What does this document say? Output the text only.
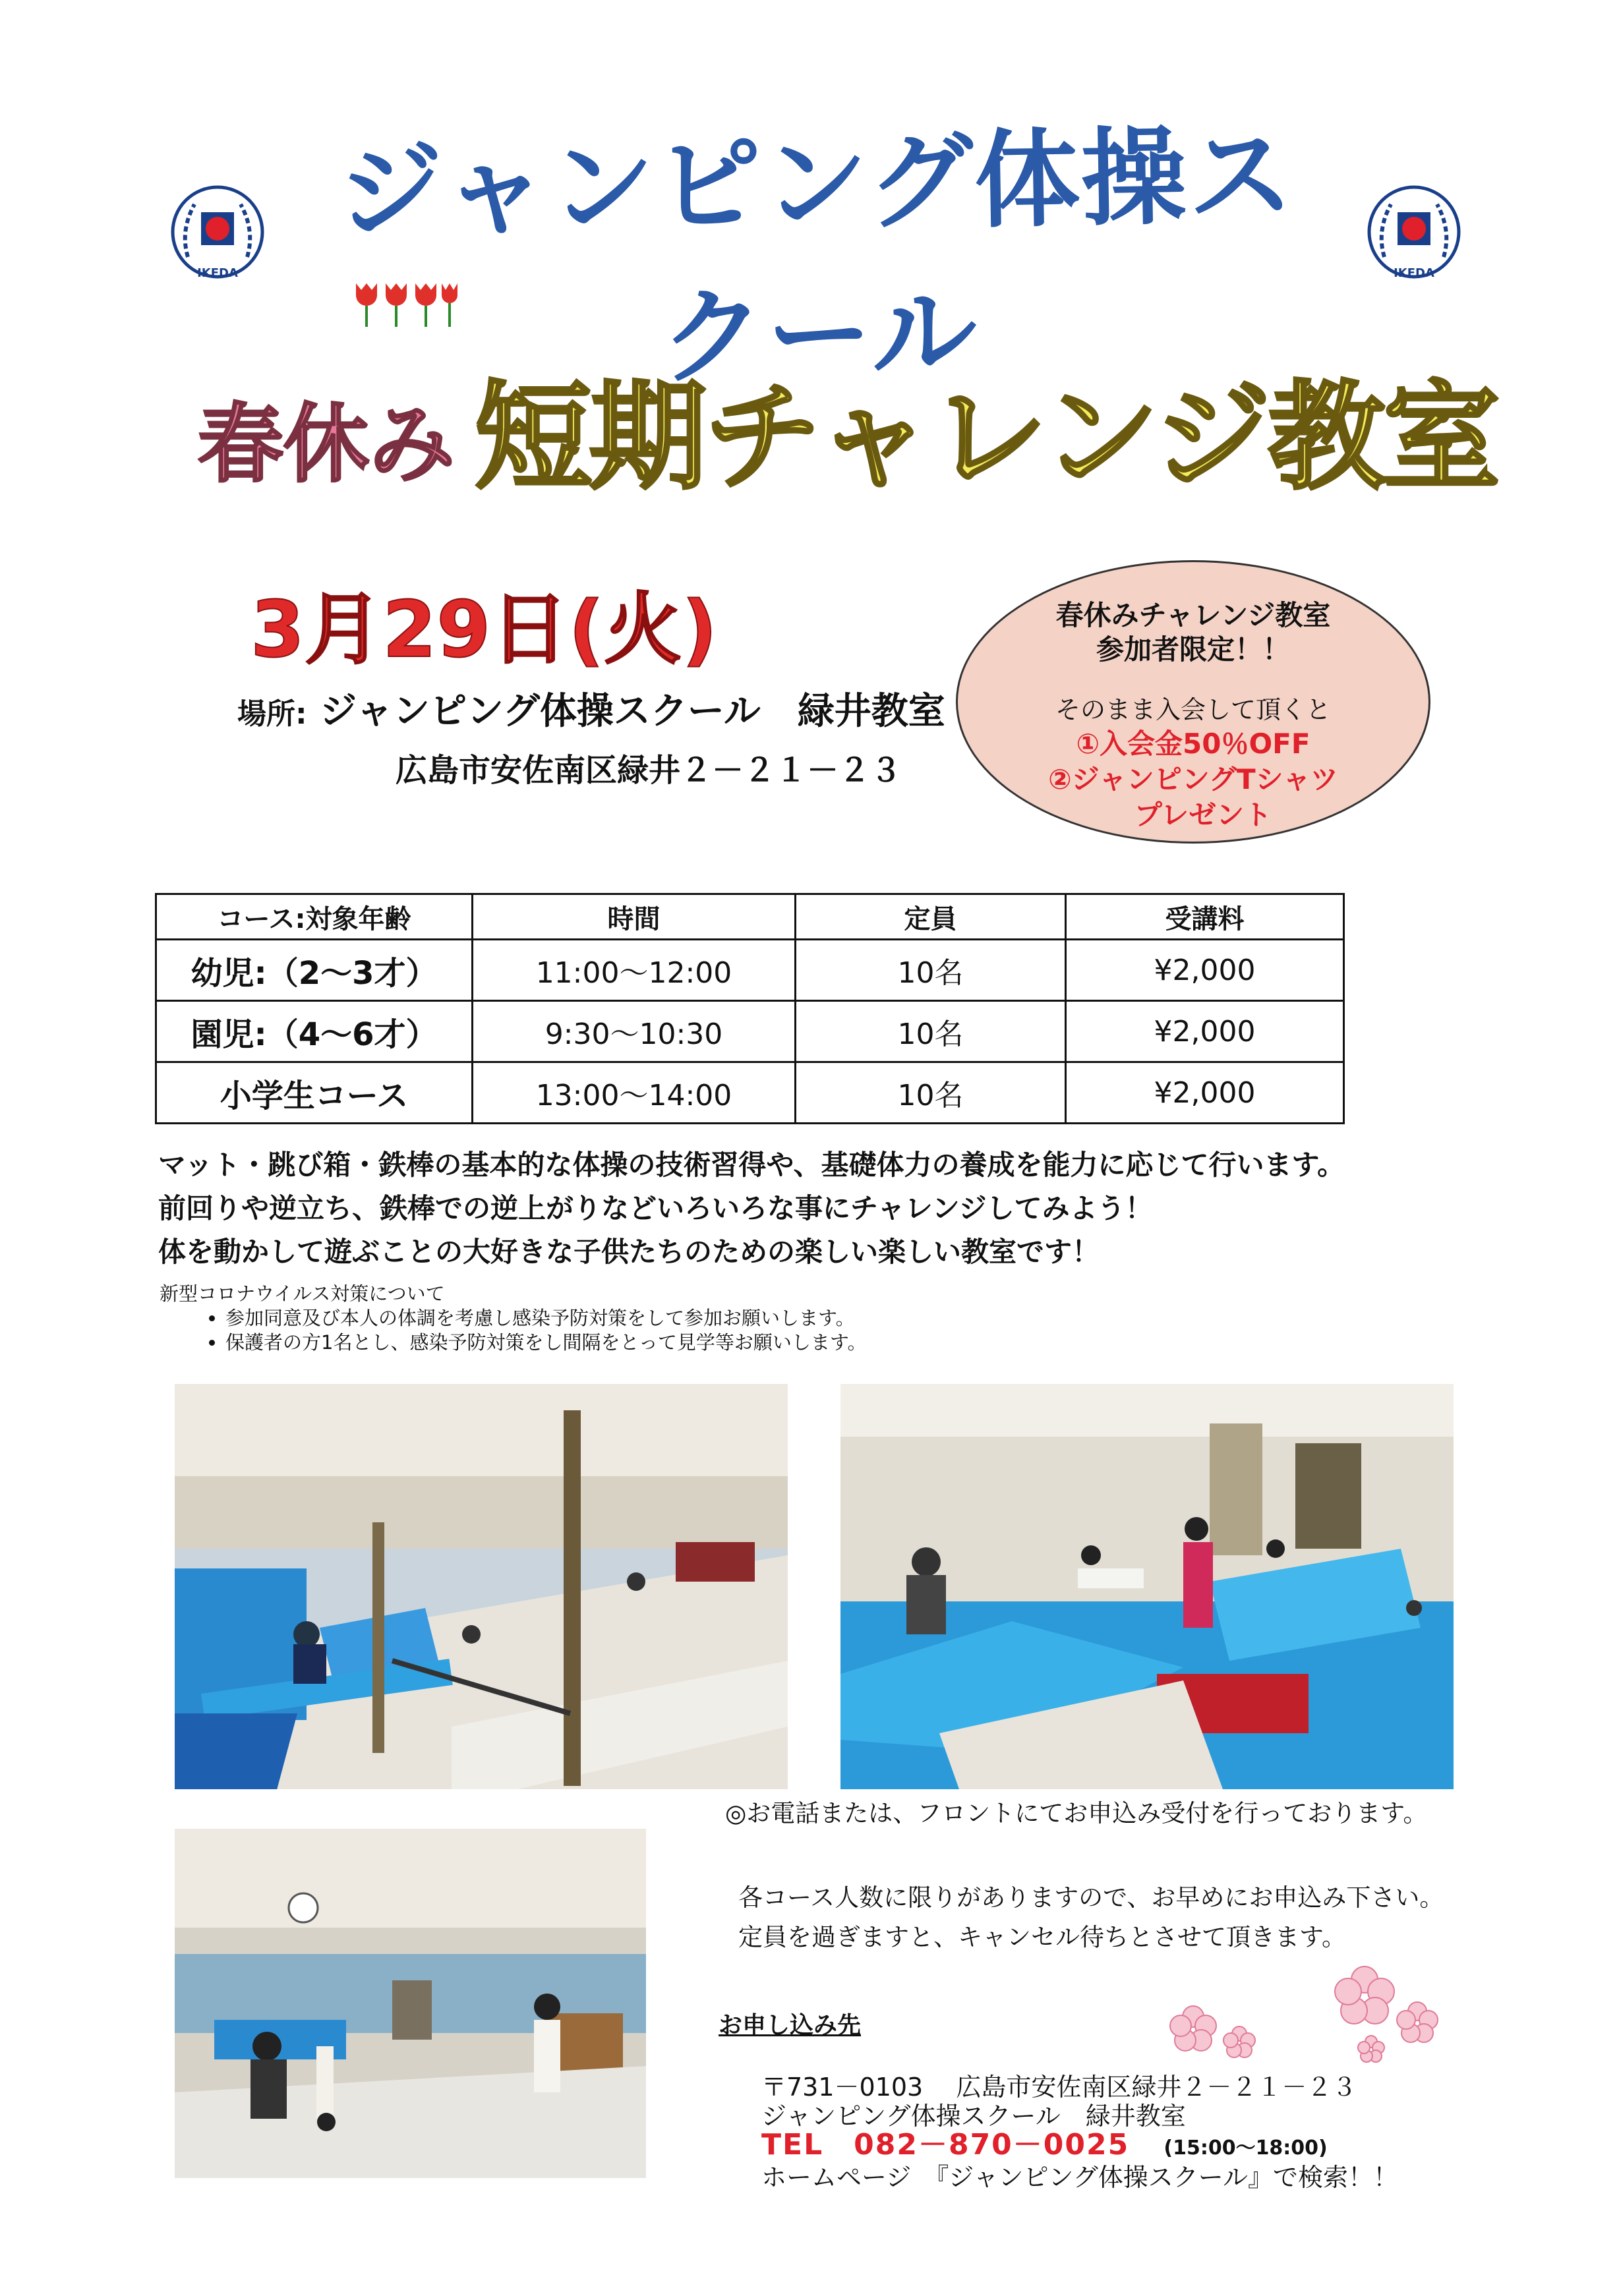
IKEDA	IKEDA
ジャンピング体操スクール
春休み 短期チャレンジ教室
3月29日(火)
場所: ジャンピング体操スクール　緑井教室
広島市安佐南区緑井２－２１－２３
春休みチャレンジ教室
参加者限定！！
そのまま入会して頂くと
①入会金50％OFF
②ジャンピングTシャツ
プレゼント
コース:対象年齢	時間	定員	受講料
幼児:（2～3才）	11:00～12:00	10名	¥2,000
園児:（4～6才）	9:30～10:30	10名	¥2,000
小学生コース	13:00～14:00	10名	¥2,000
マット・跳び箱・鉄棒の基本的な体操の技術習得や、基礎体力の養成を能力に応じて行います。
前回りや逆立ち、鉄棒での逆上がりなどいろいろな事にチャレンジしてみよう！
体を動かして遊ぶことの大好きな子供たちのための楽しい楽しい教室です！
新型コロナウイルス対策について
• 参加同意及び本人の体調を考慮し感染予防対策をして参加お願いします。
• 保護者の方1名とし、感染予防対策をし間隔をとって見学等お願いします。
◎お電話または、フロントにてお申込み受付を行っております。
各コース人数に限りがありますので、お早めにお申込み下さい。
定員を過ぎますと、キャンセル待ちとさせて頂きます。
お申し込み先
〒731－0103　 広島市安佐南区緑井２－２１－２３
ジャンピング体操スクール　緑井教室
TEL　082－870－0025 (15:00～18:00)
ホームページ　『ジャンピング体操スクール』で検索！！
